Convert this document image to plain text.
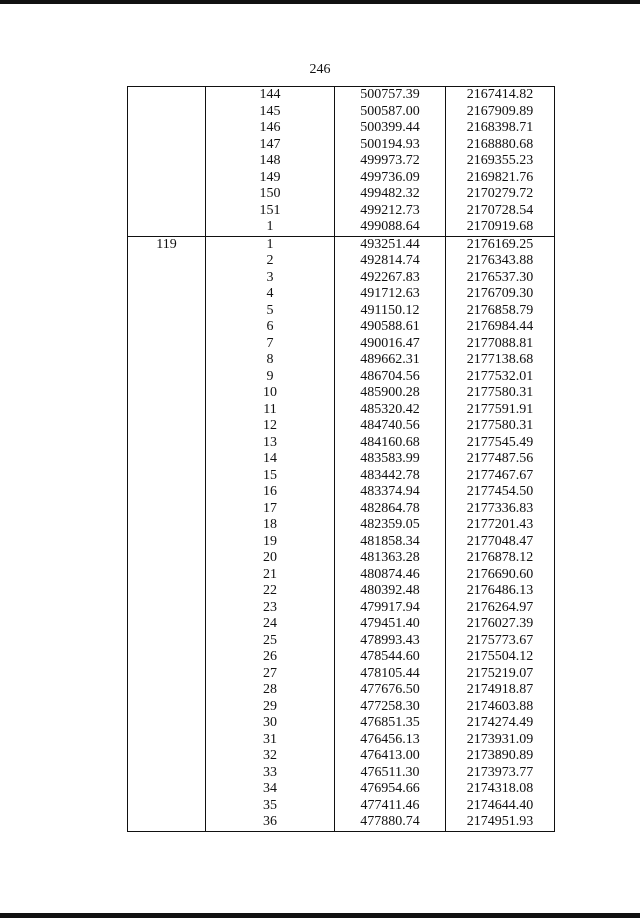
246
	144	500757.39	2167414.82
	145	500587.00	2167909.89
	146	500399.44	2168398.71
	147	500194.93	2168880.68
	148	499973.72	2169355.23
	149	499736.09	2169821.76
	150	499482.32	2170279.72
	151	499212.73	2170728.54
	1	499088.64	2170919.68
119	1	493251.44	2176169.25
	2	492814.74	2176343.88
	3	492267.83	2176537.30
	4	491712.63	2176709.30
	5	491150.12	2176858.79
	6	490588.61	2176984.44
	7	490016.47	2177088.81
	8	489662.31	2177138.68
	9	486704.56	2177532.01
	10	485900.28	2177580.31
	11	485320.42	2177591.91
	12	484740.56	2177580.31
	13	484160.68	2177545.49
	14	483583.99	2177487.56
	15	483442.78	2177467.67
	16	483374.94	2177454.50
	17	482864.78	2177336.83
	18	482359.05	2177201.43
	19	481858.34	2177048.47
	20	481363.28	2176878.12
	21	480874.46	2176690.60
	22	480392.48	2176486.13
	23	479917.94	2176264.97
	24	479451.40	2176027.39
	25	478993.43	2175773.67
	26	478544.60	2175504.12
	27	478105.44	2175219.07
	28	477676.50	2174918.87
	29	477258.30	2174603.88
	30	476851.35	2174274.49
	31	476456.13	2173931.09
	32	476413.00	2173890.89
	33	476511.30	2173973.77
	34	476954.66	2174318.08
	35	477411.46	2174644.40
	36	477880.74	2174951.93
